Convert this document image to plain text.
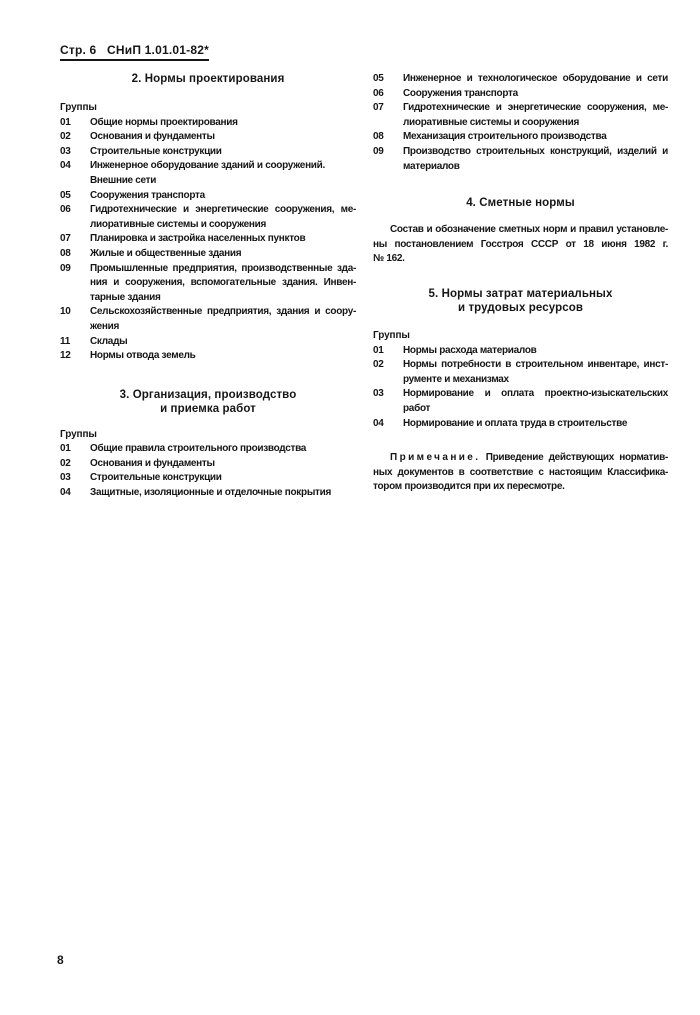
Стр. 6   СНиП 1.01.01-82*
2. Нормы проектирования
Группы
01	Общие нормы проектирования
02	Основания и фундаменты
03	Строительные конструкции
04	Инженерное оборудование зданий и сооружений.
Внешние сети
05	Сооружения транспорта
06	Гидротехнические и энергетические сооружения, ме-
лиоративные системы и сооружения
07	Планировка и застройка населенных пунктов
08	Жилые и общественные здания
09	Промышленные предприятия, производственные зда-
ния и сооружения, вспомогательные здания. Инвен-
тарные здания
10	Сельскохозяйственные предприятия, здания и соору-
жения
11	Склады
12	Нормы отвода земель
3. Организация, производство
и приемка работ
Группы
01	Общие правила строительного производства
02	Основания и фундаменты
03	Строительные конструкции
04	Защитные, изоляционные и отделочные покрытия
05	Инженерное и технологическое оборудование и сети
06	Сооружения транспорта
07	Гидротехнические и энергетические сооружения, ме-
лиоративные системы и сооружения
08	Механизация строительного производства
09	Производство строительных конструкций, изделий и
материалов
4. Сметные нормы
Состав и обозначение сметных норм и правил установле-
ны постановлением Госстроя СССР от 18 июня 1982 г.
№ 162.
5. Нормы затрат материальных
и трудовых ресурсов
Группы
01	Нормы расхода материалов
02	Нормы потребности в строительном инвентаре, инст-
рументе и механизмах
03	Нормирование и оплата проектно-изыскательских
работ
04	Нормирование и оплата труда в строительстве
Примечание. Приведение действующих норматив-
ных документов в соответствие с настоящим Классифика-
тором производится при их пересмотре.
8
